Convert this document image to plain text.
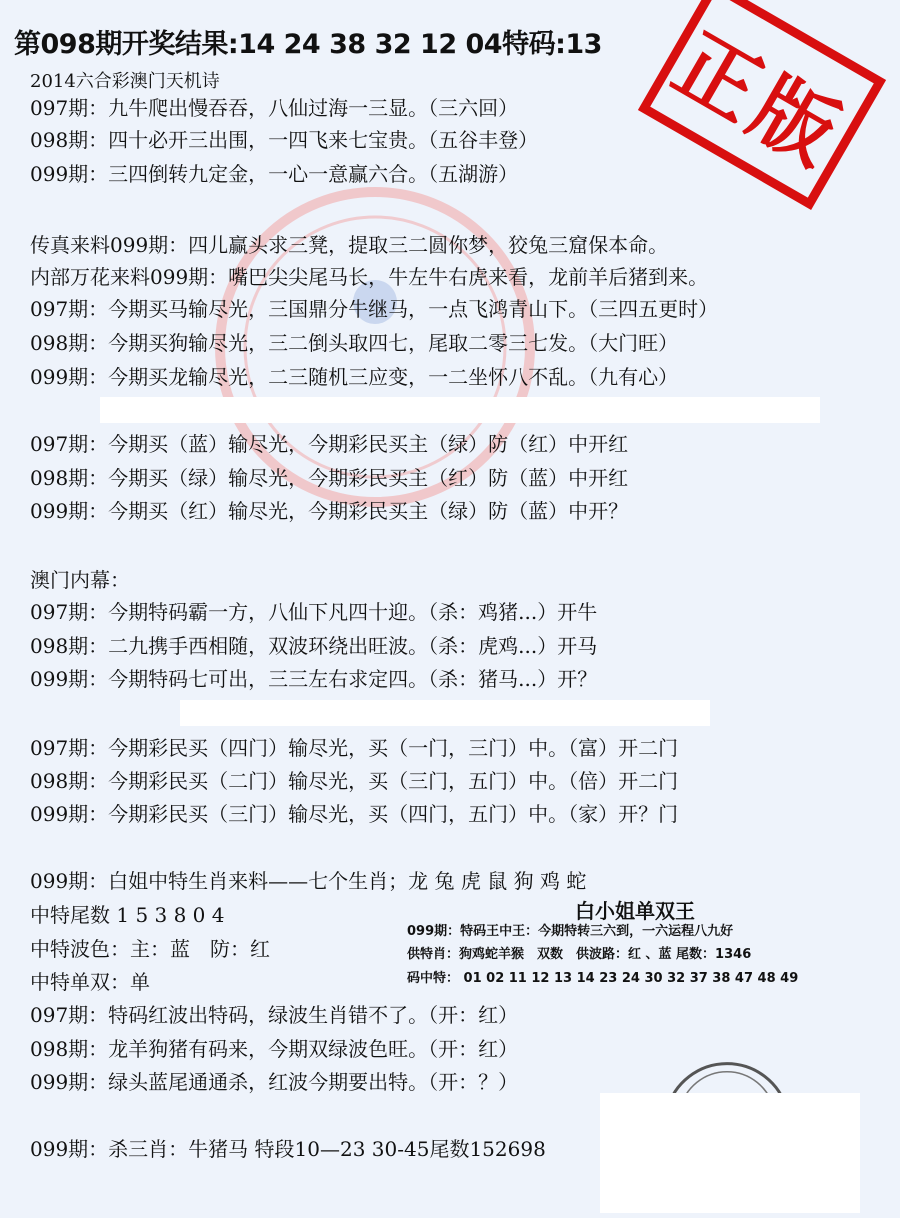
第098期开奖结果:14 24 38 32 12 04特码:13 正版
2014六合彩澳门天机诗
097期：九牛爬出慢吞吞，八仙过海一三显。（三六回）
098期：四十必开三出围，一四飞来七宝贵。（五谷丰登）
099期：三四倒转九定金，一心一意赢六合。（五湖游）
传真来料099期：四儿赢头求三凳，提取三二圆你梦，狡兔三窟保本命。
内部万花来料099期：嘴巴尖尖尾马长，牛左牛右虎来看，龙前羊后猪到来。
097期：今期买马输尽光，三国鼎分牛继马，一点飞鸿青山下。（三四五更时）
098期：今期买狗输尽光，三二倒头取四七，尾取二零三七发。（大门旺）
099期：今期买龙输尽光，二三随机三应变，一二坐怀八不乱。（九有心）
097期：今期买（蓝）输尽光，今期彩民买主（绿）防（红）中开红
098期：今期买（绿）输尽光，今期彩民买主（红）防（蓝）中开红
099期：今期买（红）输尽光，今期彩民买主（绿）防（蓝）中开？
澳门内幕：
097期：今期特码霸一方，八仙下凡四十迎。（杀：鸡猪...）开牛
098期：二九携手西相随，双波环绕出旺波。（杀：虎鸡...）开马
099期：今期特码七可出，三三左右求定四。（杀：猪马...）开？
097期：今期彩民买（四门）输尽光，买（一门，三门）中。（富）开二门
098期：今期彩民买（二门）输尽光，买（三门，五门）中。（倍）开二门
099期：今期彩民买（三门）输尽光，买（四门，五门）中。（家）开？门
099期：白姐中特生肖来料——七个生肖；龙 兔 虎 鼠 狗 鸡 蛇
中特尾数 1 5 3 8 0 4
中特波色：主：蓝　防：红
中特单双：单
白小姐单双王
099期：特码王中王：今期特转三六到，一六运程八九好
供特肖：狗鸡蛇羊猴　双数　供波路：红 、蓝 尾数：1346
码中特： 01 02 11 12 13 14 23 24 30 32 37 38 47 48 49
097期：特码红波出特码，绿波生肖错不了。（开：红）
098期：龙羊狗猪有码来，今期双绿波色旺。（开：红）
099期：绿头蓝尾通通杀，红波今期要出特。（开：？）
099期：杀三肖：牛猪马 特段10—23 30-45尾数152698
